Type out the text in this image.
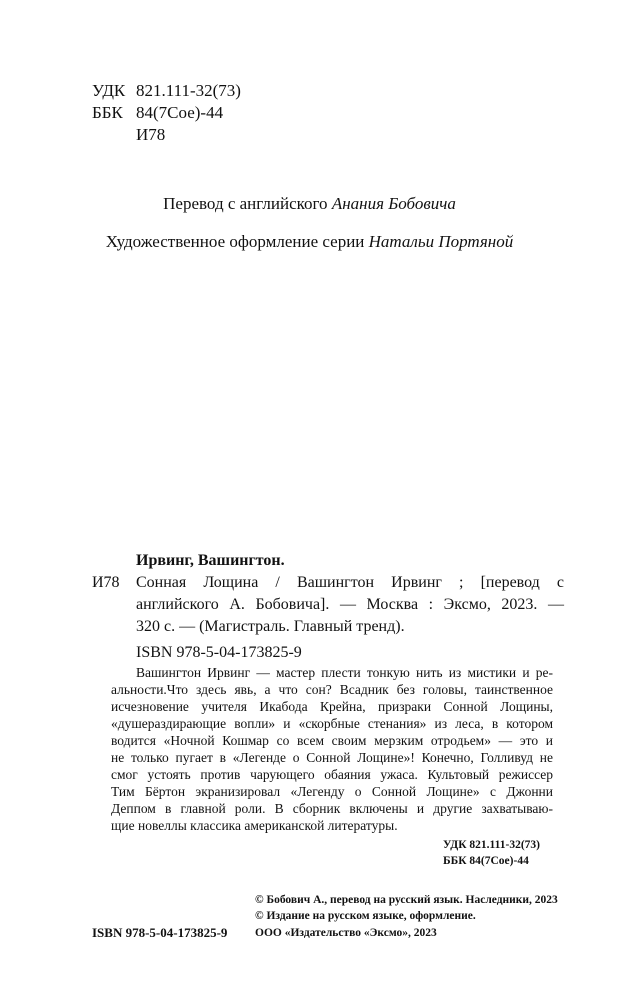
УДК 821.111-32(73)
ББК 84(7Сое)-44
И78
Перевод с английского Анания Бобовича
Художественное оформление серии Натальи Портяной
Ирвинг, Вашингтон.
И78 Сонная Лощина / Вашингтон Ирвинг ; [перевод с
английского А. Бобовича]. — Москва : Эксмо, 2023. —
320 с. — (Магистраль. Главный тренд).
ISBN 978-5-04-173825-9
Вашингтон Ирвинг — мастер плести тонкую нить из мистики и ре-
альности.Что здесь явь, а что сон? Всадник без головы, таинственное
исчезновение учителя Икабода Крейна, призраки Сонной Лощины,
«душераздирающие вопли» и «скорбные стенания» из леса, в котором
водится «Ночной Кошмар со всем своим мерзким отродьем» — это и
не только пугает в «Легенде о Сонной Лощине»! Конечно, Голливуд не
смог устоять против чарующего обаяния ужаса. Культовый режиссер
Тим Бёртон экранизировал «Легенду о Сонной Лощине» с Джонни
Деппом в главной роли. В сборник включены и другие захватываю-
щие новеллы классика американской литературы.
УДК 821.111-32(73)
ББК 84(7Сое)-44
© Бобович А., перевод на русский язык. Наследники, 2023
© Издание на русском языке, оформление.
ISBN 978-5-04-173825-9 ООО «Издательство «Эксмо», 2023
